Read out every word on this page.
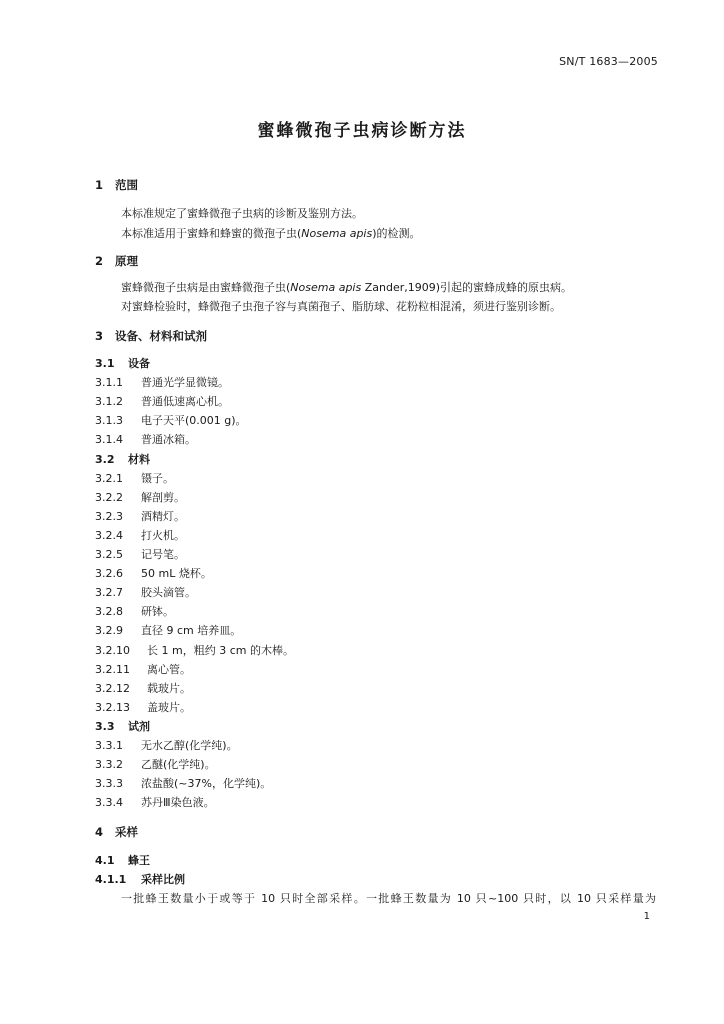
SN/T 1683—2005
蜜蜂微孢子虫病诊断方法
1 范围
本标准规定了蜜蜂微孢子虫病的诊断及鉴别方法。
本标准适用于蜜蜂和蜂蜜的微孢子虫(Nosema apis)的检测。
2 原理
蜜蜂微孢子虫病是由蜜蜂微孢子虫(Nosema apis Zander,1909)引起的蜜蜂成蜂的原虫病。
对蜜蜂检验时，蜂微孢子虫孢子容与真菌孢子、脂肪球、花粉粒相混淆，须进行鉴别诊断。
3 设备、材料和试剂
3.1 设备
3.1.1 普通光学显微镜。
3.1.2 普通低速离心机。
3.1.3 电子天平(0.001 g)。
3.1.4 普通冰箱。
3.2 材料
3.2.1 镊子。
3.2.2 解剖剪。
3.2.3 酒精灯。
3.2.4 打火机。
3.2.5 记号笔。
3.2.6 50 mL 烧杯。
3.2.7 胶头滴管。
3.2.8 研钵。
3.2.9 直径 9 cm 培养皿。
3.2.10 长 1 m，粗约 3 cm 的木棒。
3.2.11 离心管。
3.2.12 载玻片。
3.2.13 盖玻片。
3.3 试剂
3.3.1 无水乙醇(化学纯)。
3.3.2 乙醚(化学纯)。
3.3.3 浓盐酸(~37%，化学纯)。
3.3.4 苏丹Ⅲ染色液。
4 采样
4.1 蜂王
4.1.1 采样比例
一批蜂王数量小于或等于 10 只时全部采样。一批蜂王数量为 10 只~100 只时，以 10 只采样量为
1
